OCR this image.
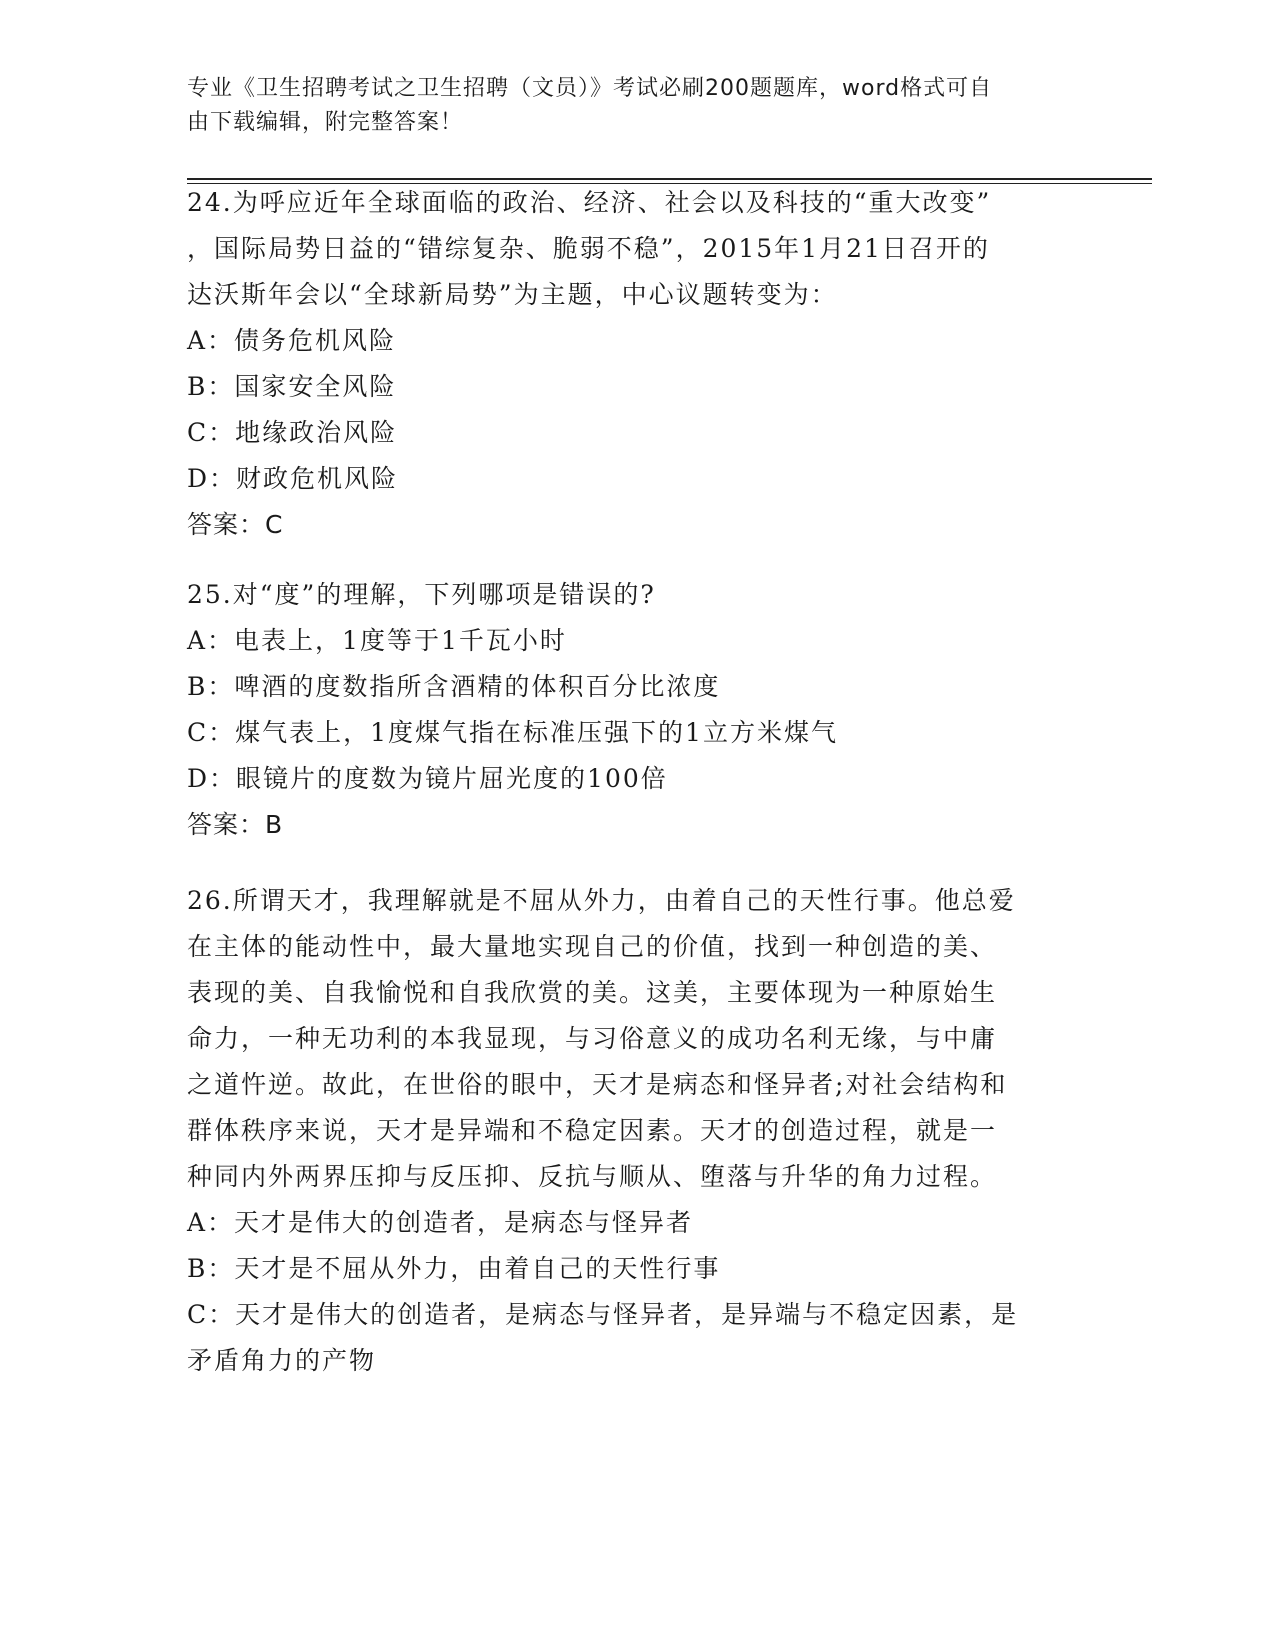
专业《卫生招聘考试之卫生招聘（文员）》考试必刷200题题库，word格式可自
由下载编辑，附完整答案！
24.为呼应近年全球面临的政治、经济、社会以及科技的“重大改变”
，国际局势日益的“错综复杂、脆弱不稳”，2015年1月21日召开的
达沃斯年会以“全球新局势”为主题，中心议题转变为：
A：债务危机风险
B：国家安全风险
C：地缘政治风险
D：财政危机风险
答案：C
25.对“度”的理解，下列哪项是错误的?
A：电表上，1度等于1千瓦小时
B：啤酒的度数指所含酒精的体积百分比浓度
C：煤气表上，1度煤气指在标准压强下的1立方米煤气
D：眼镜片的度数为镜片屈光度的100倍
答案：B
26.所谓天才，我理解就是不屈从外力，由着自己的天性行事。他总爱
在主体的能动性中，最大量地实现自己的价值，找到一种创造的美、
表现的美、自我愉悦和自我欣赏的美。这美，主要体现为一种原始生
命力，一种无功利的本我显现，与习俗意义的成功名利无缘，与中庸
之道忤逆。故此，在世俗的眼中，天才是病态和怪异者;对社会结构和
群体秩序来说，天才是异端和不稳定因素。天才的创造过程，就是一
种同内外两界压抑与反压抑、反抗与顺从、堕落与升华的角力过程。
A：天才是伟大的创造者，是病态与怪异者
B：天才是不屈从外力，由着自己的天性行事
C：天才是伟大的创造者，是病态与怪异者，是异端与不稳定因素，是
矛盾角力的产物
